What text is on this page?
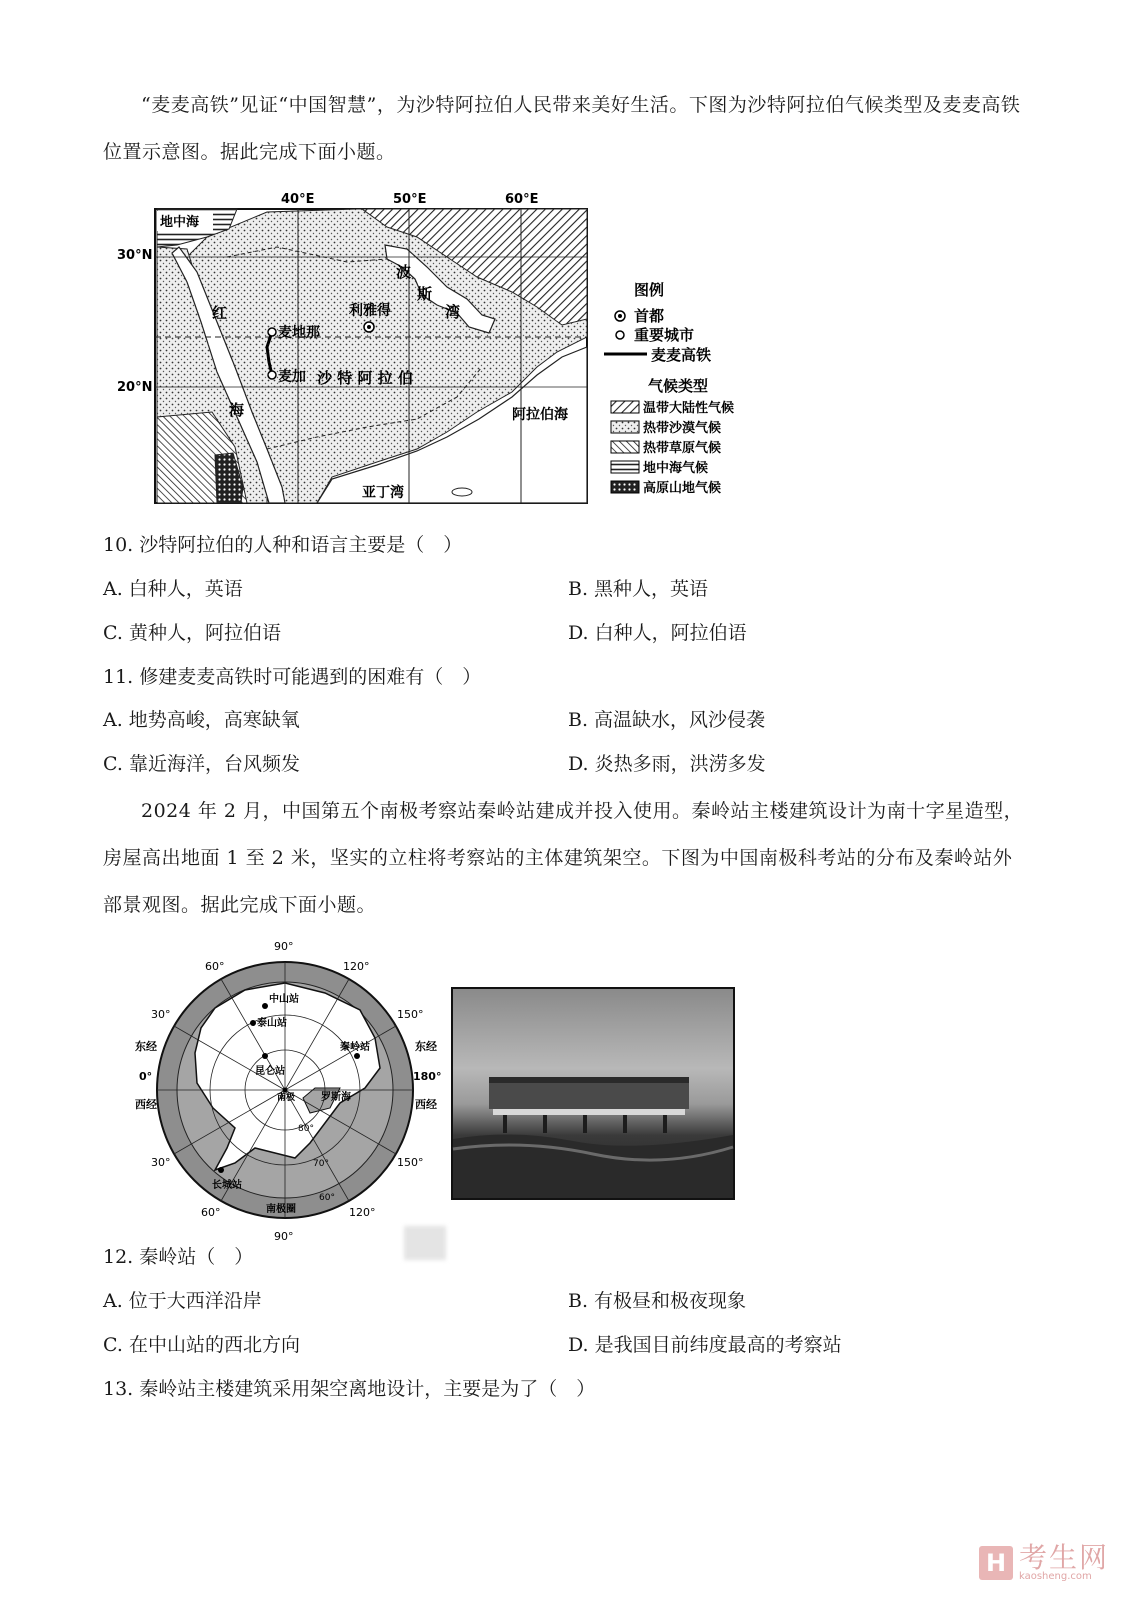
“麦麦高铁”见证“中国智慧”，为沙特阿拉伯人民带来美好生活。下图为沙特阿拉伯气候类型及麦麦高铁位置示意图。据此完成下面小题。

40°E	50°E	60°E
30°N
20°N
地中海
红
海
波
斯
湾
麦地那
麦加
利雅得
沙 特 阿 拉 伯
阿拉伯海
亚丁湾
图例
首都
重要城市
麦麦高铁
气候类型
温带大陆性气候
热带沙漠气候
热带草原气候
地中海气候
高原山地气候

10. 沙特阿拉伯的人种和语言主要是（　）

A. 白种人，英语	B. 黑种人，英语

C. 黄种人，阿拉伯语	D. 白种人，阿拉伯语

11. 修建麦麦高铁时可能遇到的困难有（　）

A. 地势高峻，高寒缺氧	B. 高温缺水，风沙侵袭

C. 靠近海洋，台风频发	D. 炎热多雨，洪涝多发

2024 年 2 月，中国第五个南极考察站秦岭站建成并投入使用。秦岭站主楼建筑设计为南十字星造型，房屋高出地面 1 至 2 米，坚实的立柱将考察站的主体建筑架空。下图为中国南极科考站的分布及秦岭站外部景观图。据此完成下面小题。

90°
60°	120°
30°	150°
30°	150°
60°	120°
90°
80°
70°
60°
东经
0°
西经
东经
180°
西经
中山站
泰山站
昆仑站
秦岭站
长城站
罗斯海
南极
南极圈

12. 秦岭站（　）

A. 位于大西洋沿岸	B. 有极昼和极夜现象

C. 在中山站的西北方向	D. 是我国目前纬度最高的考察站

13. 秦岭站主楼建筑采用架空离地设计，主要是为了（　）

H 考生网
kaosheng.com
